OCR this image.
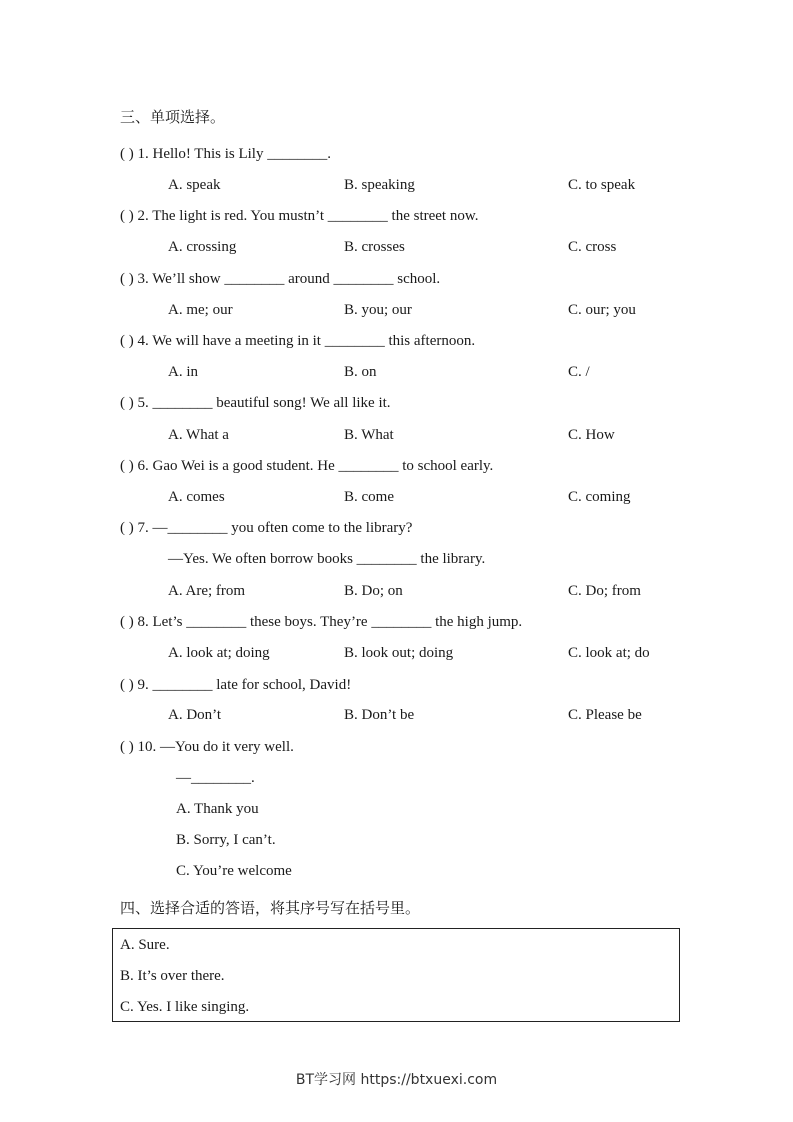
三、单项选择。
( ) 1. Hello! This is Lily ________.
A. speak	B. speaking	C. to speak
( ) 2. The light is red. You mustn’t ________ the street now.
A. crossing	B. crosses	C. cross
( ) 3. We’ll show ________ around ________ school.
A. me; our	B. you; our	C. our; you
( ) 4. We will have a meeting in it ________ this afternoon.
A. in	B. on	C. /
( ) 5. ________ beautiful song! We all like it.
A. What a	B. What	C. How
( ) 6. Gao Wei is a good student. He ________ to school early.
A. comes	B. come	C. coming
( ) 7. —________ you often come to the library?
—Yes. We often borrow books ________ the library.
A. Are; from	B. Do; on	C. Do; from
( ) 8. Let’s ________ these boys. They’re ________ the high jump.
A. look at; doing	B. look out; doing	C. look at; do
( ) 9. ________ late for school, David!
A. Don’t	B. Don’t be	C. Please be
( ) 10. —You do it very well.
—________.
A. Thank you
B. Sorry, I can’t.
C. You’re welcome
四、选择合适的答语，将其序号写在括号里。
A. Sure.
B. It’s over there.
C. Yes. I like singing.
BT学习网 https://btxuexi.com
